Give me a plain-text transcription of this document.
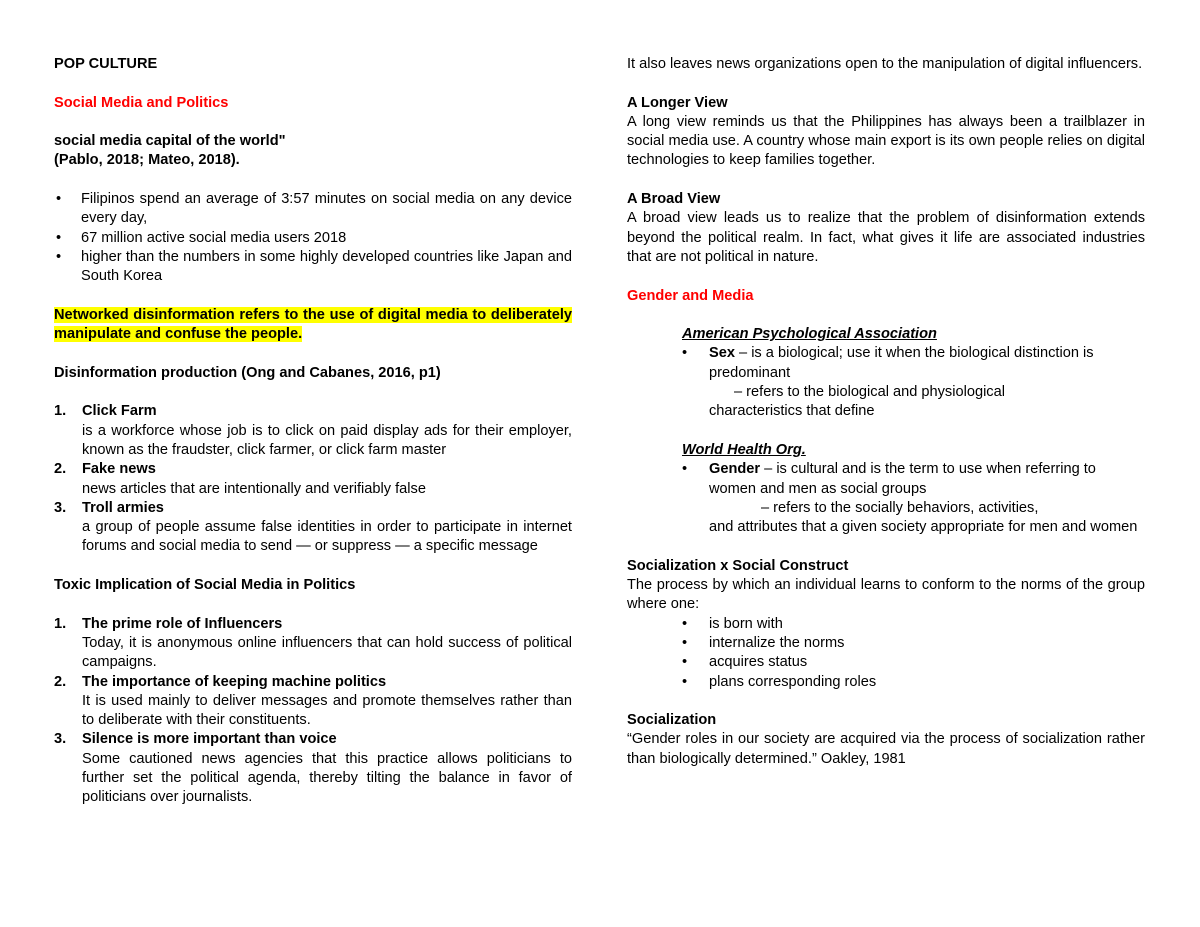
POP CULTURE

Social Media and Politics

social media capital of the world"

(Pablo, 2018; Mateo, 2018).

• Filipinos spend an average of 3:57 minutes on social media on any device every day,
• 67 million active social media users 2018
• higher than the numbers in some highly developed countries like Japan and South Korea

Networked disinformation refers to the use of digital media to deliberately manipulate and confuse the people.

Disinformation production (Ong and Cabanes, 2016, p1)

1. Click Farm

is a workforce whose job is to click on paid display ads for their employer, known as the fraudster, click farmer, or click farm master

2. Fake news

news articles that are intentionally and verifiably false

3. Troll armies

a group of people assume false identities in order to participate in internet forums and social media to send — or suppress — a specific message

Toxic Implication of Social Media in Politics

1. The prime role of Influencers

Today, it is anonymous online influencers that can hold success of political campaigns.

2. The importance of keeping machine politics

It is used mainly to deliver messages and promote themselves rather than to deliberate with their constituents.

3. Silence is more important than voice

Some cautioned news agencies that this practice allows politicians to further set the political agenda, thereby tilting the balance in favor of politicians over journalists.

It also leaves news organizations open to the manipulation of digital influencers.

A Longer View

A long view reminds us that the Philippines has always been a trailblazer in social media use. A country whose main export is its own people relies on digital technologies to keep families together.

A Broad View

A broad view leads us to realize that the problem of disinformation extends beyond the political realm. In fact, what gives it life are associated industries that are not political in nature.

Gender and Media

American Psychological Association

• Sex – is a biological; use it when the biological distinction is predominant

– refers to the biological and physiological

characteristics that define

World Health Org.

• Gender – is cultural and is the term to use when referring to women and men as social groups

– refers to the socially behaviors, activities,

and attributes that a given society appropriate for men and women

Socialization x Social Construct

The process by which an individual learns to conform to the norms of the group where one:

• is born with
• internalize the norms
• acquires status
• plans corresponding roles

Socialization

“Gender roles in our society are acquired via the process of socialization rather than biologically determined.” Oakley, 1981
